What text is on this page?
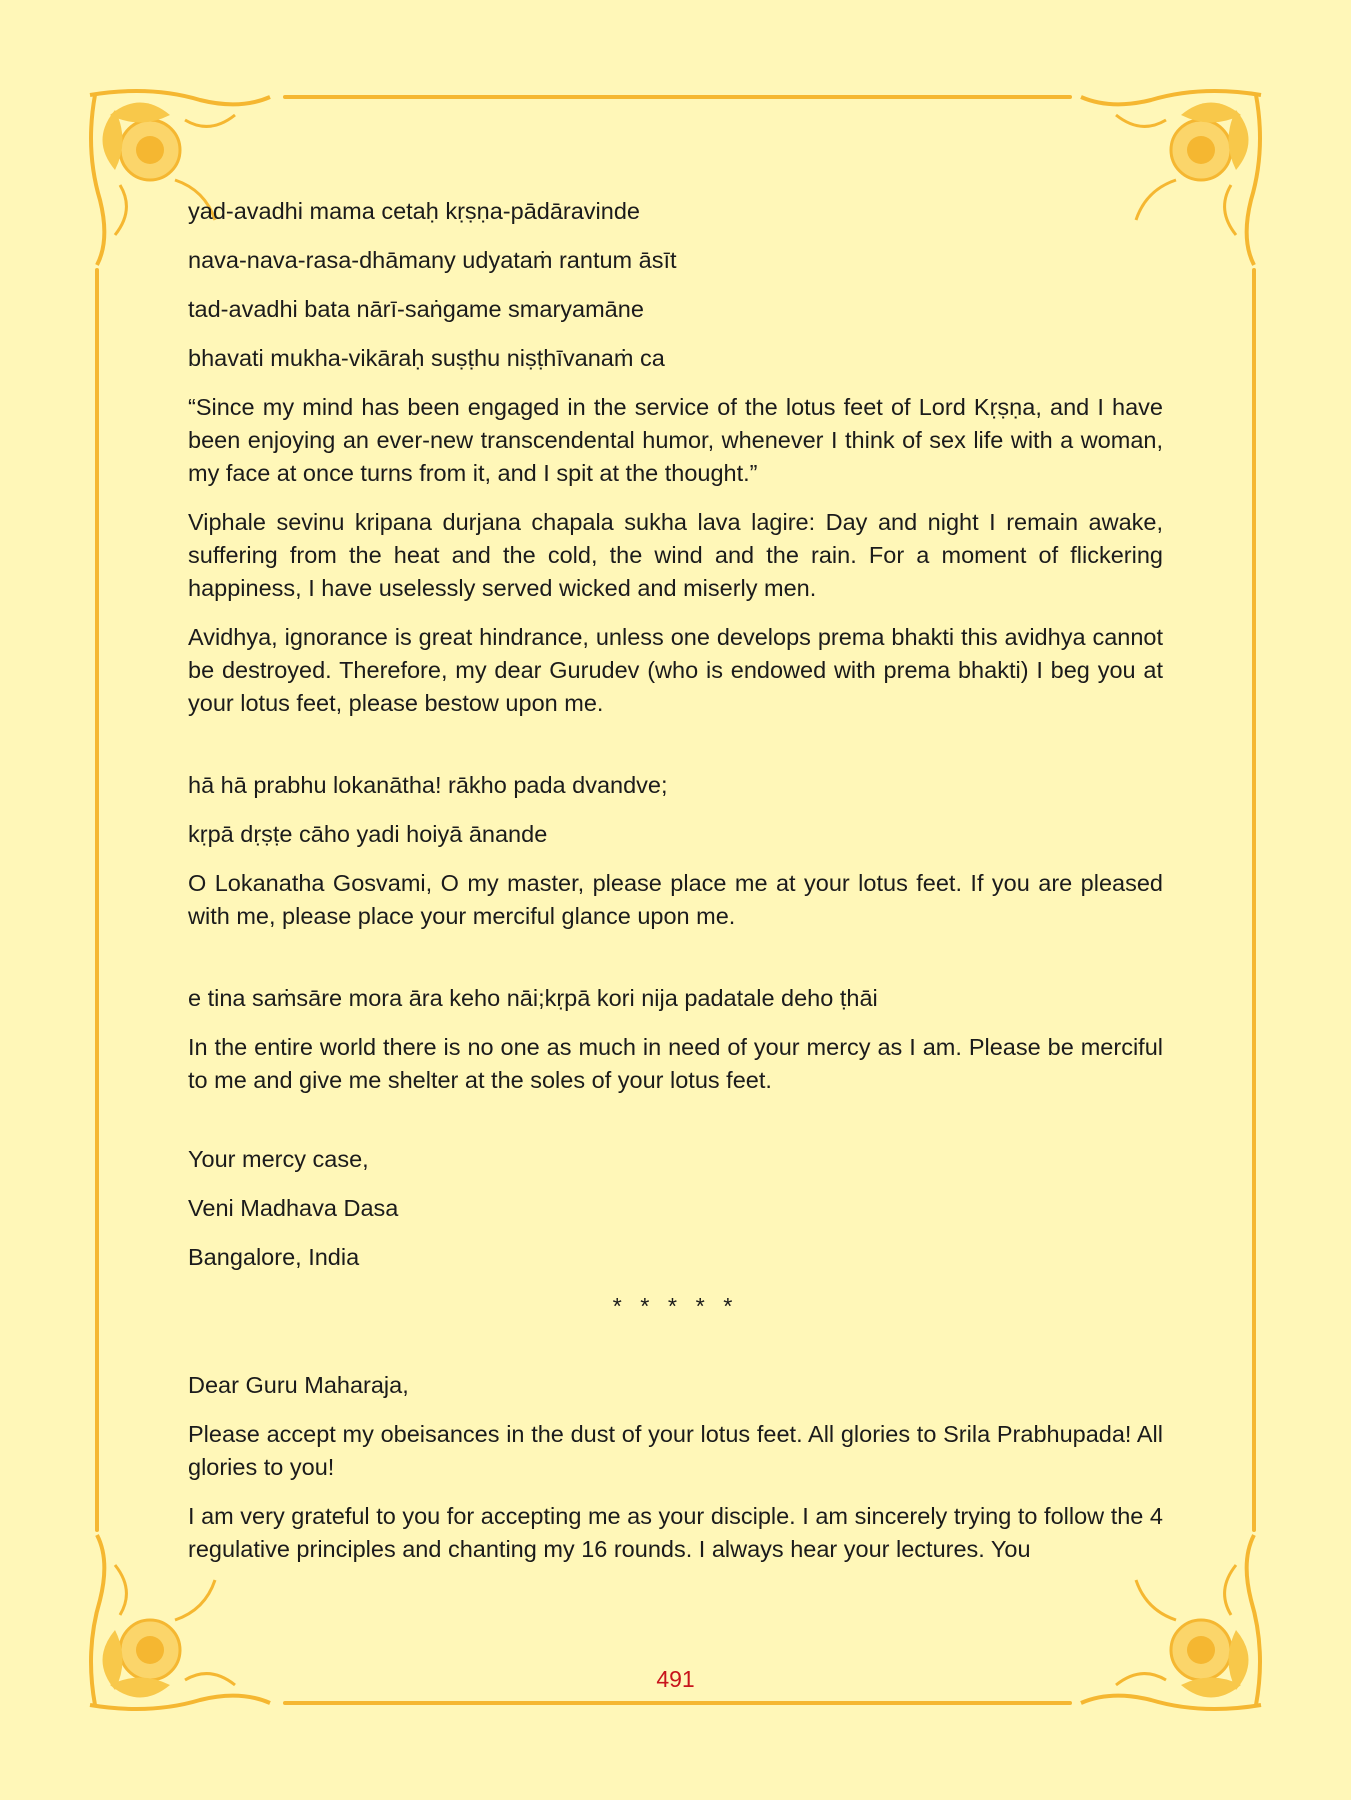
yad-avadhi mama cetaḥ kṛṣṇa-pādāravinde

nava-nava-rasa-dhāmany udyataṁ rantum āsīt

tad-avadhi bata nārī-saṅgame smaryamāne

bhavati mukha-vikāraḥ suṣṭhu niṣṭhīvanaṁ ca

“Since my mind has been engaged in the service of the lotus feet of Lord Kṛṣṇa, and I have been enjoying an ever-new transcendental humor, whenever I think of sex life with a woman, my face at once turns from it, and I spit at the thought.”

Viphale sevinu kripana durjana chapala sukha lava lagire: Day and night I remain awake, suffering from the heat and the cold, the wind and the rain. For a moment of flickering happiness, I have uselessly served wicked and miserly men.

Avidhya, ignorance is great hindrance, unless one develops prema bhakti this avidhya cannot be destroyed. Therefore, my dear Gurudev (who is endowed with prema bhakti) I beg you at your lotus feet, please bestow upon me.

hā hā prabhu lokanātha! rākho pada dvandve;

kṛpā dṛṣṭe cāho yadi hoiyā ānande

O Lokanatha Gosvami, O my master, please place me at your lotus feet. If you are pleased with me, please place your merciful glance upon me.

e tina saṁsāre mora āra keho nāi;kṛpā kori nija padatale deho ṭhāi

In the entire world there is no one as much in need of your mercy as I am. Please be merciful to me and give me shelter at the soles of your lotus feet.

Your mercy case,

Veni Madhava Dasa

Bangalore, India

* * * * *

Dear Guru Maharaja,

Please accept my obeisances in the dust of your lotus feet. All glories to Srila Prabhupada! All glories to you!

I am very grateful to you for accepting me as your disciple. I am sincerely trying to follow the 4 regulative principles and chanting my 16 rounds. I always hear your lectures. You

491
